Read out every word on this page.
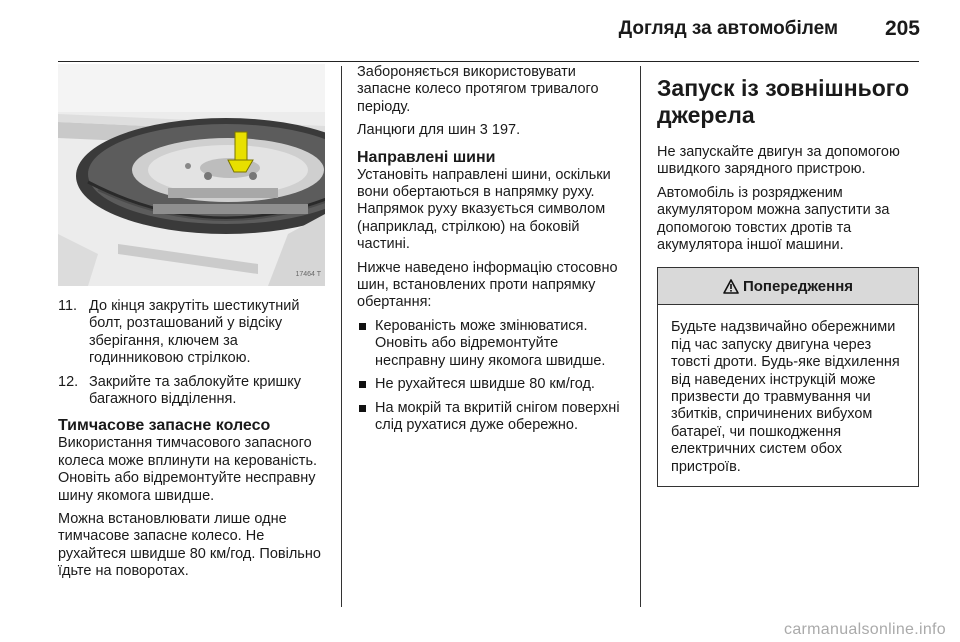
Догляд за автомобілем 205
17464 T
11. До кінця закрутіть шестикутний болт, розташований у відсіку зберігання, ключем за годинниковою стрілкою.
12. Закрийте та заблокуйте кришку багажного відділення.
Тимчасове запасне колесо

Використання тимчасового запасного колеса може вплинути на керованість. Оновіть або відремонтуйте несправну шину якомога швидше.

Можна встановлювати лише одне тимчасове запасне колесо. Не рухайтеся швидше 80 км/год. Повільно їдьте на поворотах.

Забороняється використовувати запасне колесо протягом тривалого періоду.

Ланцюги для шин 3 197.

Направлені шини

Установіть направлені шини, оскільки вони обертаються в напрямку руху. Напрямок руху вказується символом (наприклад, стрілкою) на боковій частині.

Нижче наведено інформацію стосовно шин, встановлених проти напрямку обертання:

Керованість може змінюватися. Оновіть або відремонтуйте несправну шину якомога швидше.
Не рухайтеся швидше 80 км/год.
На мокрій та вкритій снігом поверхні слід рухатися дуже обережно.
Запуск із зовнішнього джерела

Не запускайте двигун за допомогою швидкого зарядного пристрою.

Автомобіль із розрядженим акумулятором можна запустити за допомогою товстих дротів та акумулятора іншої машини.

Попередження
Будьте надзвичайно обережними під час запуску двигуна через товсті дроти. Будь-яке відхилення від наведених інструкцій може призвести до травмування чи збитків, спричинених вибухом батареї, чи пошкодження електричних систем обох пристроїв.
carmanualsonline.info
